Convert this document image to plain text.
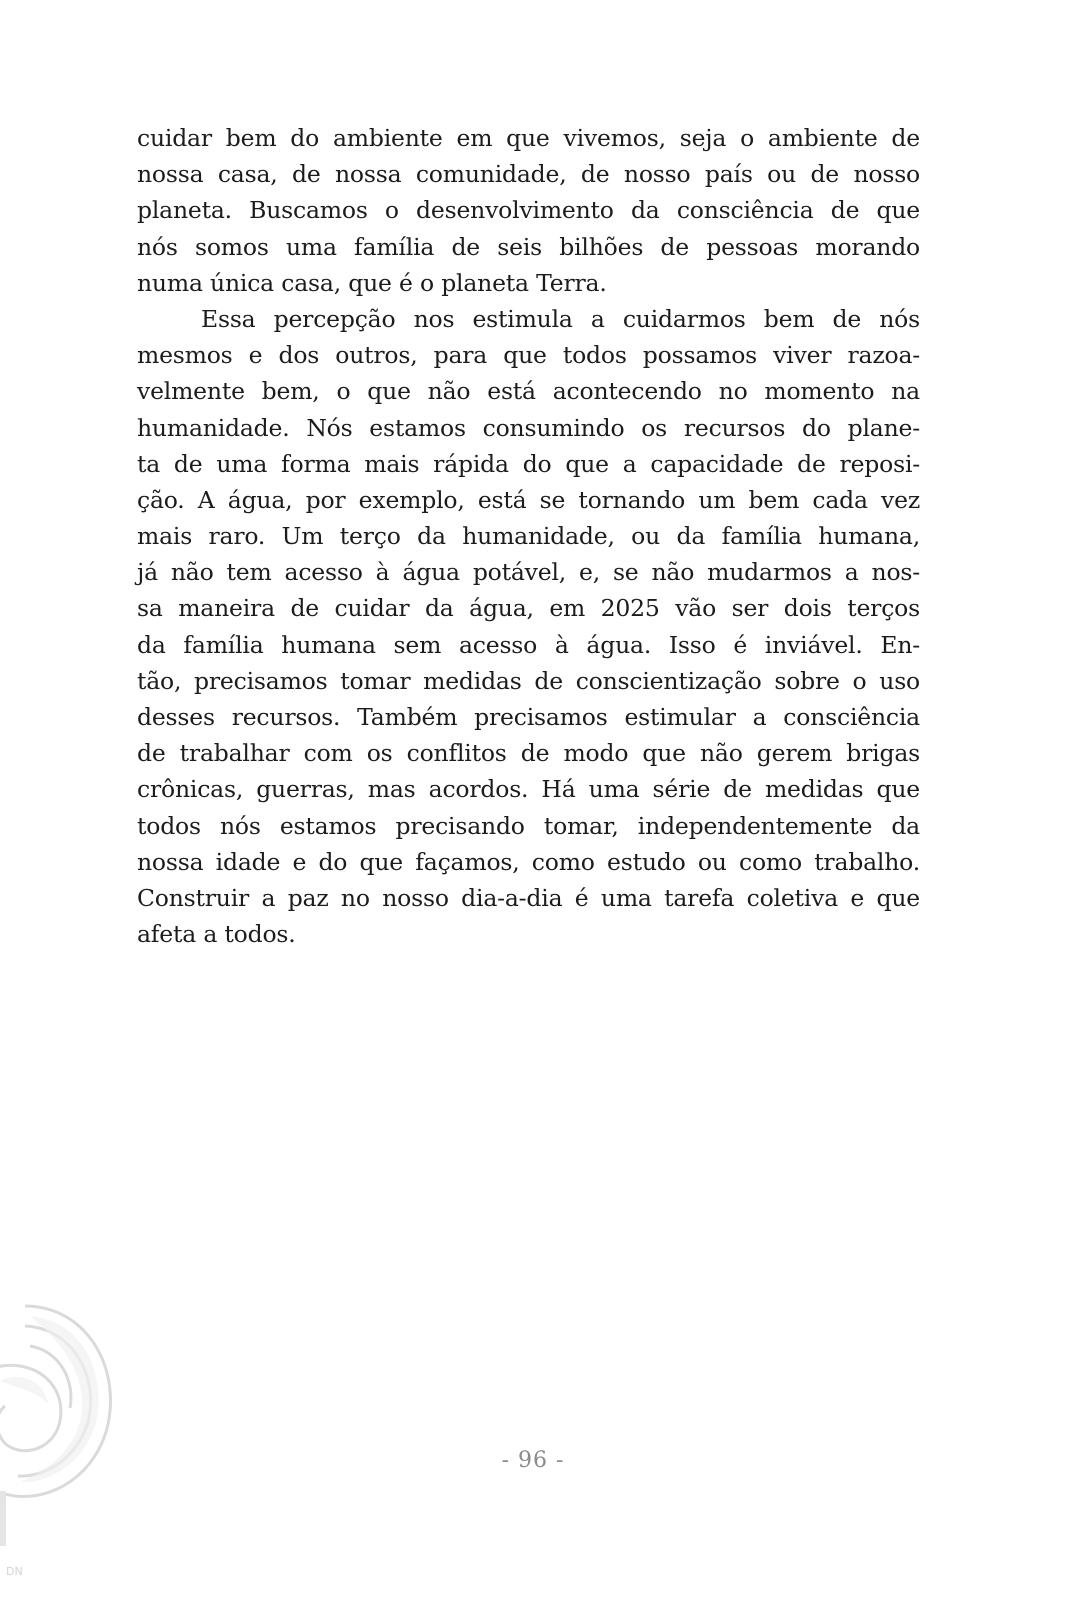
cuidar bem do ambiente em que vivemos, seja o ambiente de
nossa casa, de nossa comunidade, de nosso país ou de nosso
planeta. Buscamos o desenvolvimento da consciência de que
nós somos uma família de seis bilhões de pessoas morando
numa única casa, que é o planeta Terra.
Essa percepção nos estimula a cuidarmos bem de nós
mesmos e dos outros, para que todos possamos viver razoa-
velmente bem, o que não está acontecendo no momento na
humanidade. Nós estamos consumindo os recursos do plane-
ta de uma forma mais rápida do que a capacidade de reposi-
ção. A água, por exemplo, está se tornando um bem cada vez
mais raro. Um terço da humanidade, ou da família humana,
já não tem acesso à água potável, e, se não mudarmos a nos-
sa maneira de cuidar da água, em 2025 vão ser dois terços
da família humana sem acesso à água. Isso é inviável. En-
tão, precisamos tomar medidas de conscientização sobre o uso
desses recursos. Também precisamos estimular a consciência
de trabalhar com os conflitos de modo que não gerem brigas
crônicas, guerras, mas acordos. Há uma série de medidas que
todos nós estamos precisando tomar, independentemente da
nossa idade e do que façamos, como estudo ou como trabalho.
Construir a paz no nosso dia-a-dia é uma tarefa coletiva e que
afeta a todos.
DN
- 96 -
